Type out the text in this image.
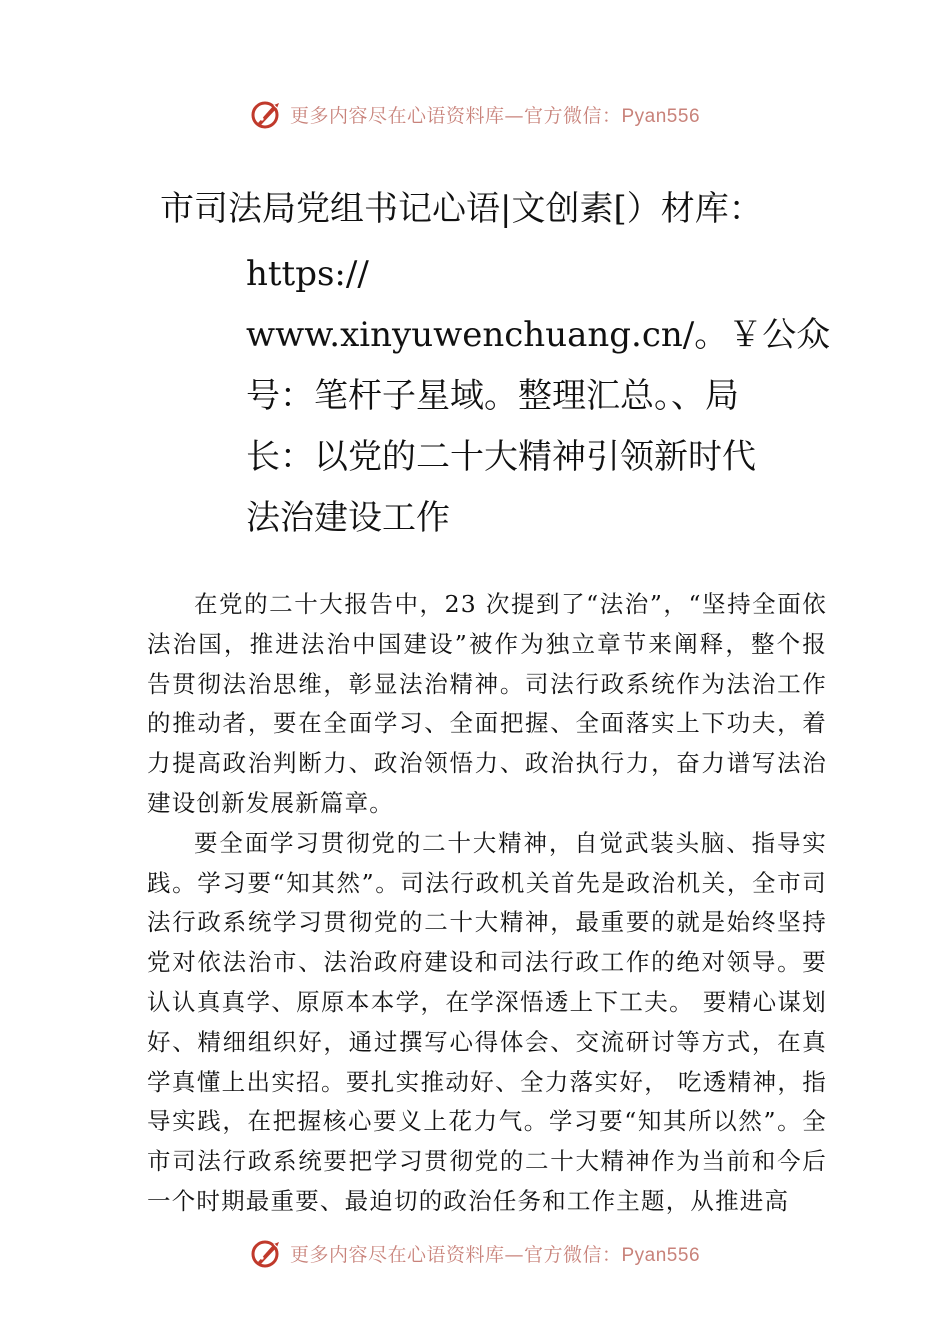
更多内容尽在心语资料库—官方微信：Pyan556
市司法局党组书记心语|文创素[）材库：
https://
www.xinyuwenchuang.cn/。￥公众
号：笔杆子星域。整理汇总。、局
长：以党的二十大精神引领新时代
法治建设工作

在党的二十大报告中，23 次提到了“法治”，“坚持全面依法治国，推进法治中国建设”被作为独立章节来阐释，整个报告贯彻法治思维，彰显法治精神。司法行政系统作为法治工作的推动者，要在全面学习、全面把握、全面落实上下功夫，着力提高政治判断力、政治领悟力、政治执行力，奋力谱写法治建设创新发展新篇章。

要全面学习贯彻党的二十大精神，自觉武装头脑、指导实践。学习要“知其然”。司法行政机关首先是政治机关，全市司法行政系统学习贯彻党的二十大精神，最重要的就是始终坚持党对依法治市、法治政府建设和司法行政工作的绝对领导。要认认真真学、原原本本学，在学深悟透上下工夫。 要精心谋划好、精细组织好，通过撰写心得体会、交流研讨等方式，在真学真懂上出实招。要扎实推动好、全力落实好， 吃透精神，指导实践，在把握核心要义上花力气。学习要“知其所以然”。全市司法行政系统要把学习贯彻党的二十大精神作为当前和今后一个时期最重要、最迫切的政治任务和工作主题，从推进高

更多内容尽在心语资料库—官方微信：Pyan556
